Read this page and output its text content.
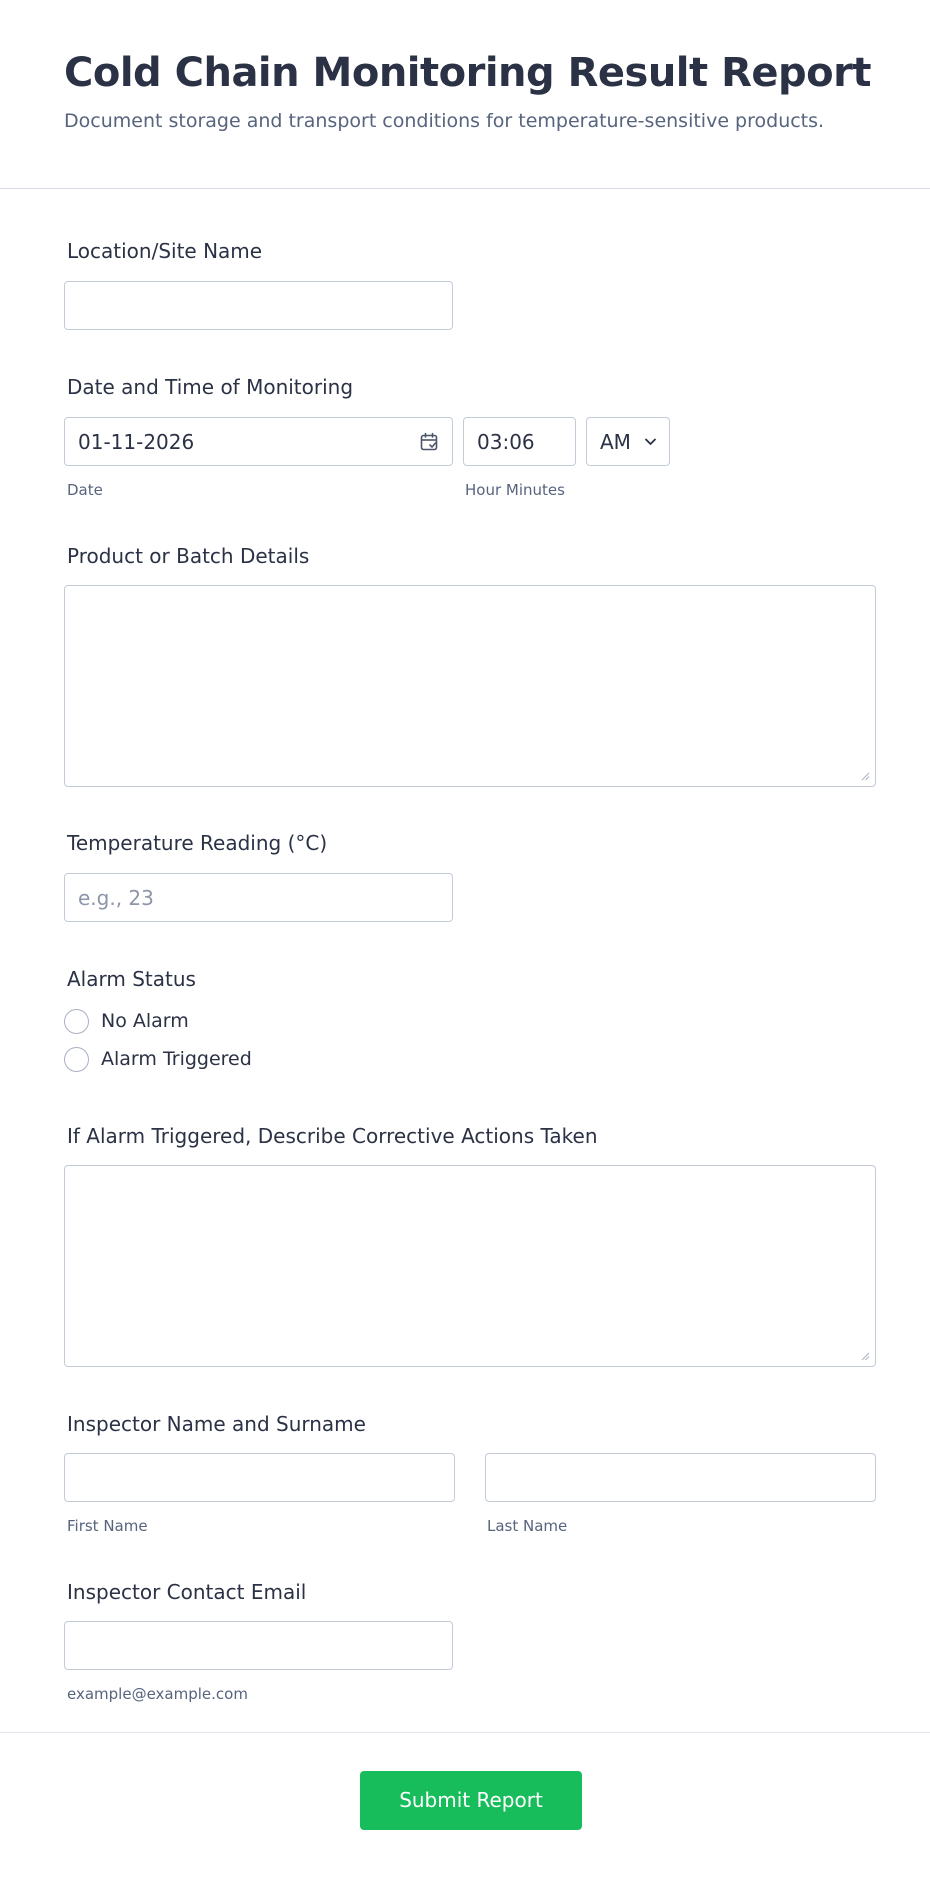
Cold Chain Monitoring Result Report
Document storage and transport conditions for temperature-sensitive products.
Location/Site Name
Date and Time of Monitoring
01-11-2026	03:06	AM
Date	Hour Minutes
Product or Batch Details
Temperature Reading (°C)
e.g., 23
Alarm Status
No Alarm
Alarm Triggered
If Alarm Triggered, Describe Corrective Actions Taken
Inspector Name and Surname
First Name	Last Name
Inspector Contact Email
example@example.com
Submit Report
